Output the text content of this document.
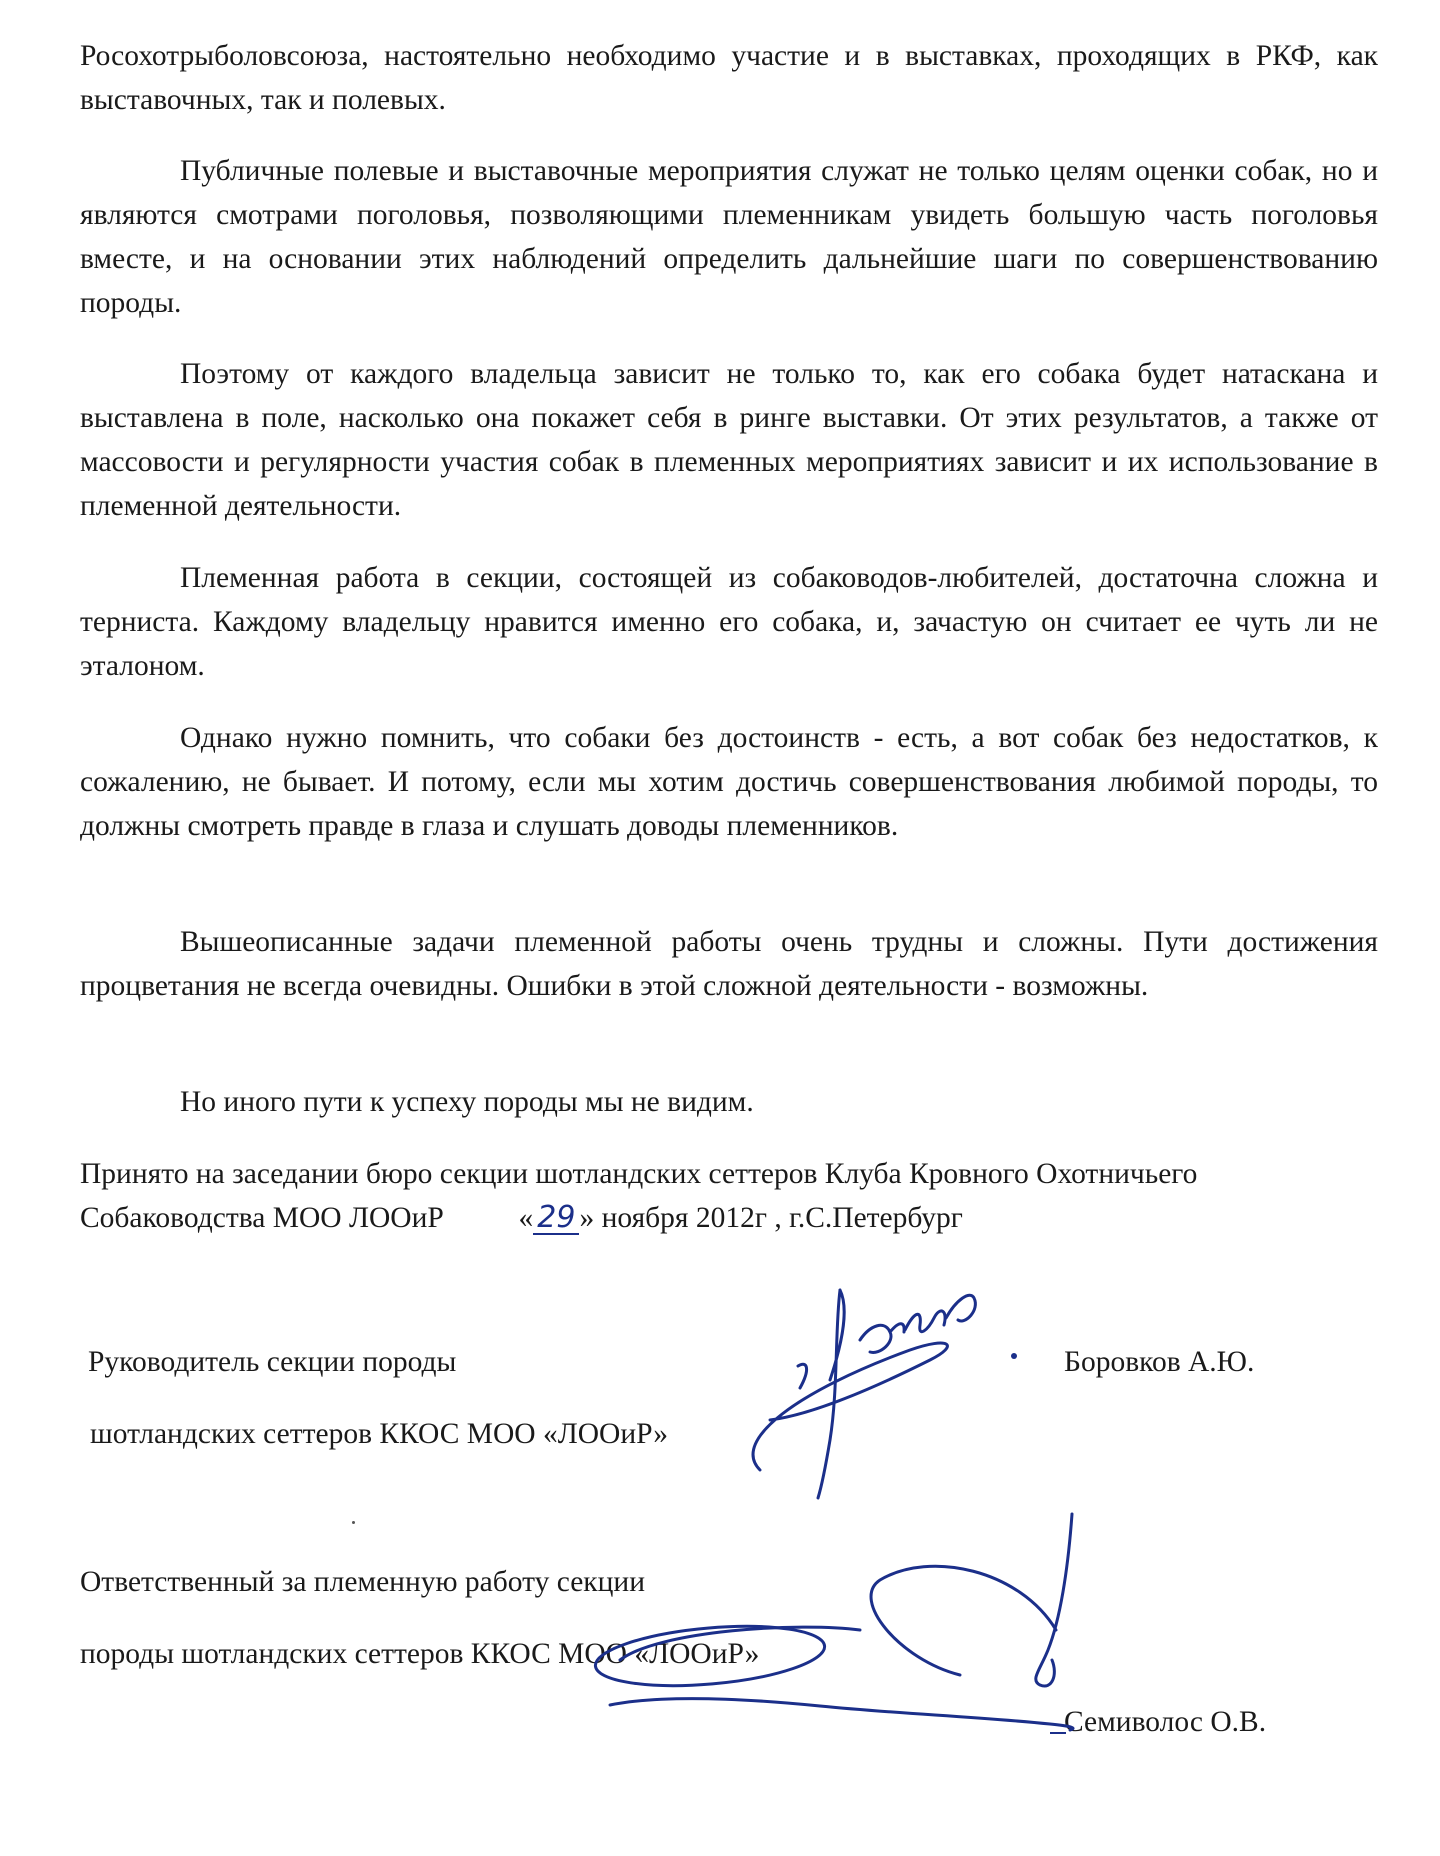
Росохотрыболовсоюза, настоятельно необходимо участие и в выставках, проходящих в РКФ, как выставочных, так и полевых.

Публичные полевые и выставочные мероприятия служат не только целям оценки собак, но и являются смотрами поголовья, позволяющими племенникам увидеть большую часть поголовья вместе, и на основании этих наблюдений определить дальнейшие шаги по совершенствованию породы.

Поэтому от каждого владельца зависит не только то, как его собака будет натаскана и выставлена в поле, насколько она покажет себя в ринге выставки. От этих результатов, а также от массовости и регулярности участия собак в племенных мероприятиях зависит и их использование в племенной деятельности.

Племенная работа в секции, состоящей из собаководов-любителей, достаточна сложна и терниста. Каждому владельцу нравится именно его собака, и, зачастую он считает ее чуть ли не эталоном.

Однако нужно помнить, что собаки без достоинств - есть, а вот собак без недостатков, к сожалению, не бывает. И потому, если мы хотим достичь совершенствования любимой породы, то должны смотреть правде в глаза и слушать доводы племенников.

Вышеописанные задачи племенной работы очень трудны и сложны. Пути достижения процветания не всегда очевидны. Ошибки в этой сложной деятельности - возможны.

Но иного пути к успеху породы мы не видим.

Принято на заседании бюро секции шотландских сеттеров Клуба Кровного Охотничьего
Собаководства МОО ЛООиР	« 29 » ноября 2012г , г.С.Петербург
Руководитель секции породы
шотландских сеттеров ККОС МОО «ЛООиР»
Боровков А.Ю.
Ответственный за племенную работу секции
породы шотландских сеттеров ККОС МОО «ЛООиР»
Семиволос О.В.
